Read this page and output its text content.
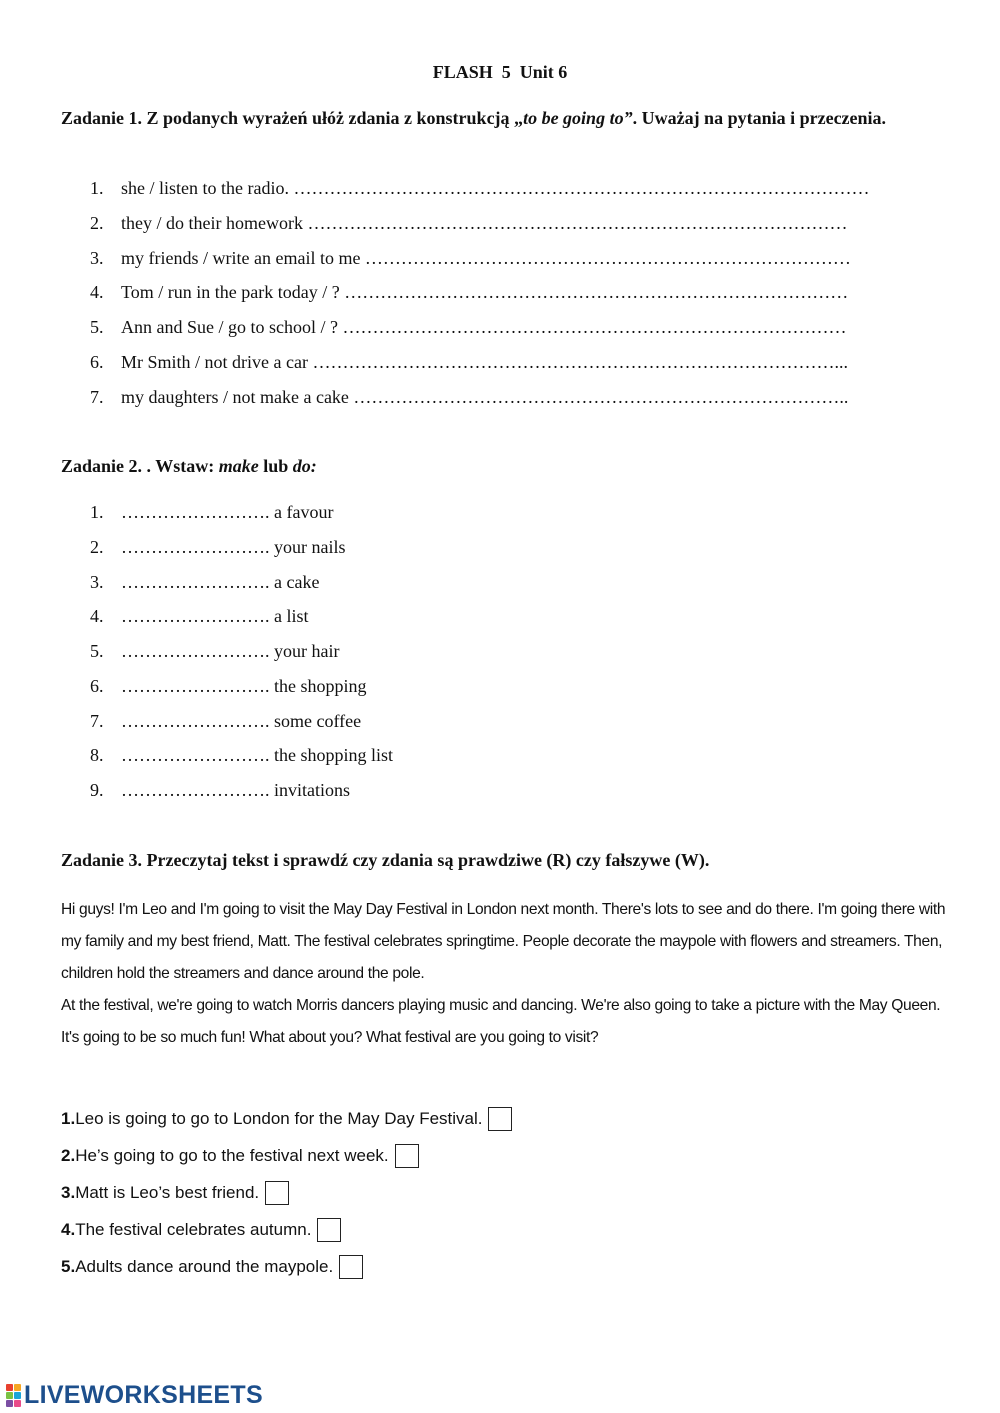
FLASH  5  Unit 6
Zadanie 1. Z podanych wyrażeń ułóż zdania z konstrukcją „to be going to”. Uważaj na pytania i przeczenia.
1. she / listen to the radio. ……………………………………………………………………………………
2. they / do their homework ………………………………………………………………………………
3. my friends / write an email to me ………………………………………………………………………
4. Tom / run in the park today / ? …………………………………………………………………………
5. Ann and Sue / go to school / ? …………………………………………………………………………
6. Mr Smith / not drive a car ……………………………………………………………………………...
7. my daughters / not make a cake ………………………………………………………………………..
Zadanie 2. . Wstaw: make lub do:
1. ……………………. a favour
2. ……………………. your nails
3. ……………………. a cake
4. ……………………. a list
5. ……………………. your hair
6. ……………………. the shopping
7. ……………………. some coffee
8. ……………………. the shopping list
9. ……………………. invitations
Zadanie 3. Przeczytaj tekst i sprawdź czy zdania są prawdziwe (R) czy fałszywe (W).

Hi guys! I'm Leo and I'm going to visit the May Day Festival in London next month. There's lots to see and do there. I'm going there with my family and my best friend, Matt. The festival celebrates springtime. People decorate the maypole with flowers and streamers. Then, children hold the streamers and dance around the pole.

At the festival, we're going to watch Morris dancers playing music and dancing. We're also going to take a picture with the May Queen. It's going to be so much fun! What about you? What festival are you going to visit?

1. Leo is going to go to London for the May Day Festival.
2. He’s going to go to the festival next week.
3. Matt is Leo’s best friend.
4. The festival celebrates autumn.
5. Adults dance around the maypole.
LIVEWORKSHEETS
